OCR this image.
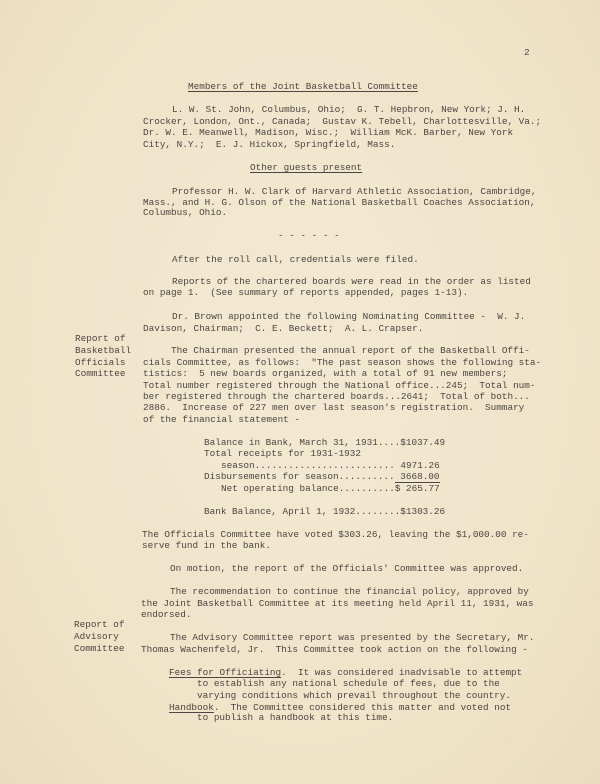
2
Members of the Joint Basketball Committee
L. W. St. John, Columbus, Ohio;  G. T. Hepbron, New York; J. H.
Crocker, London, Ont., Canada;  Gustav K. Tebell, Charlottesville, Va.;
Dr. W. E. Meanwell, Madison, Wisc.;  William McK. Barber, New York
City, N.Y.;  E. J. Hickox, Springfield, Mass.
Other guests present
Professor H. W. Clark of Harvard Athletic Association, Cambridge,
Mass., and H. G. Olson of the National Basketball Coaches Association,
Columbus, Ohio.
- - - - - -
After the roll call, credentials were filed.
Reports of the chartered boards were read in the order as listed
on page 1.  (See summary of reports appended, pages 1-13).
Dr. Brown appointed the following Nominating Committee -  W. J.
Davison, Chairman;  C. E. Beckett;  A. L. Crapser.
Report of
Basketball
Officials
Committee
The Chairman presented the annual report of the Basketball Offi-
cials Committee, as follows:  "The past season shows the following sta-
tistics:  5 new boards organized, with a total of 91 new members;
Total number registered through the National office...245;  Total num-
ber registered through the chartered boards...2641;  Total of both...
2886.  Increase of 227 men over last season's registration.  Summary
of the financial statement -
Balance in Bank, March 31, 1931....$1037.49
Total receipts for 1931-1932
season......................... 4971.26
Disbursements for season.......... 3668.00
Net operating balance..........$ 265.77
Bank Balance, April 1, 1932........$1303.26
The Officials Committee have voted $303.26, leaving the $1,000.00 re-
serve fund in the bank.
On motion, the report of the Officials' Committee was approved.
The recommendation to continue the financial policy, approved by
the Joint Basketball Committee at its meeting held April 11, 1931, was
endorsed.
Report of
Advisory
Committee
The Advisory Committee report was presented by the Secretary, Mr.
Thomas Wachenfeld, Jr.  This Committee took action on the following -
Fees for Officiating.  It was considered inadvisable to attempt
to establish any national schedule of fees, due to the
varying conditions which prevail throughout the country.
Handbook.  The Committee considered this matter and voted not
to publish a handbook at this time.
